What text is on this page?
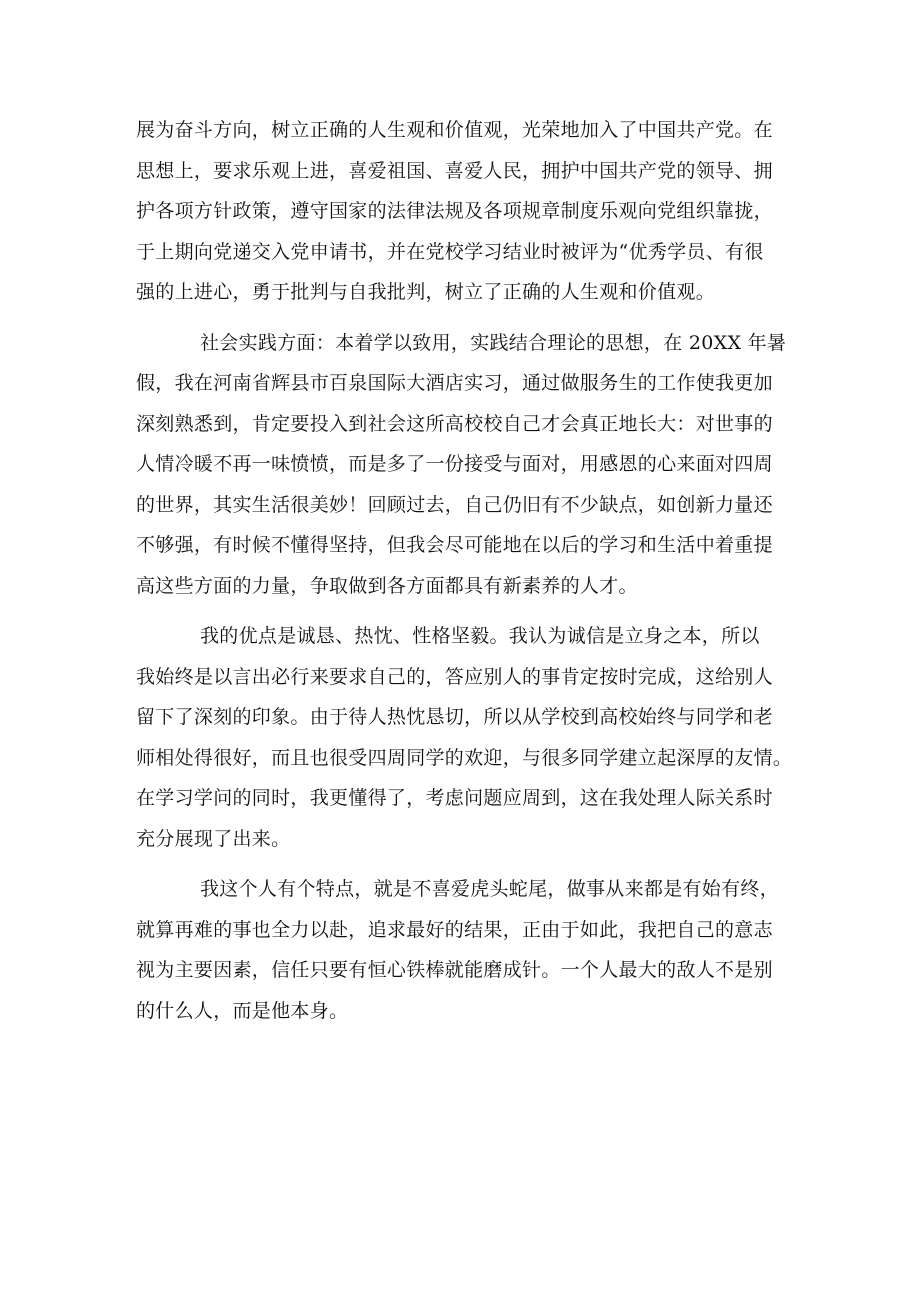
展为奋斗方向，树立正确的人生观和价值观，光荣地加入了中国共产党。在
思想上，要求乐观上进，喜爱祖国、喜爱人民，拥护中国共产党的领导、拥
护各项方针政策，遵守国家的法律法规及各项规章制度乐观向党组织靠拢，
于上期向党递交入党申请书，并在党校学习结业时被评为“优秀学员、有很
强的上进心，勇于批判与自我批判，树立了正确的人生观和价值观。

社会实践方面：本着学以致用，实践结合理论的思想，在 20XX 年暑
假，我在河南省辉县市百泉国际大酒店实习，通过做服务生的工作使我更加
深刻熟悉到，肯定要投入到社会这所高校校自己才会真正地长大：对世事的
人情冷暖不再一味愤愤，而是多了一份接受与面对，用感恩的心来面对四周
的世界，其实生活很美妙！回顾过去，自己仍旧有不少缺点，如创新力量还
不够强，有时候不懂得坚持，但我会尽可能地在以后的学习和生活中着重提
高这些方面的力量，争取做到各方面都具有新素养的人才。

我的优点是诚恳、热忱、性格坚毅。我认为诚信是立身之本，所以
我始终是以言出必行来要求自己的，答应别人的事肯定按时完成，这给别人
留下了深刻的印象。由于待人热忱恳切，所以从学校到高校始终与同学和老
师相处得很好，而且也很受四周同学的欢迎，与很多同学建立起深厚的友情。
在学习学问的同时，我更懂得了，考虑问题应周到，这在我处理人际关系时
充分展现了出来。

我这个人有个特点，就是不喜爱虎头蛇尾，做事从来都是有始有终，
就算再难的事也全力以赴，追求最好的结果，正由于如此，我把自己的意志
视为主要因素，信任只要有恒心铁棒就能磨成针。一个人最大的敌人不是别
的什么人，而是他本身。
